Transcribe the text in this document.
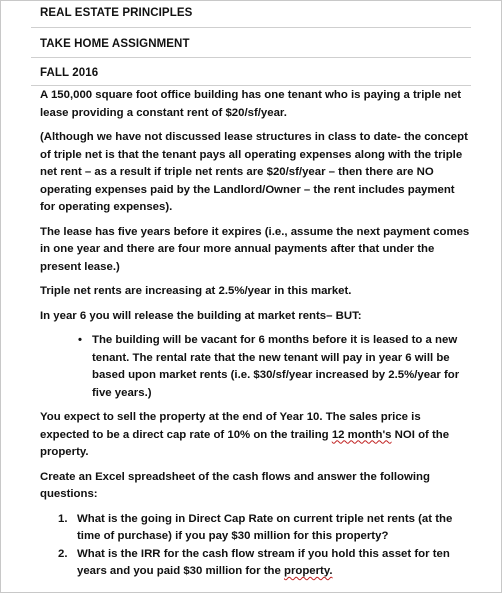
REAL ESTATE PRINCIPLES
TAKE HOME ASSIGNMENT
FALL 2016

A 150,000 square foot office building has one tenant who is paying a triple net lease providing a constant rent of $20/sf/year.

(Although we have not discussed lease structures in class to date- the concept of triple net is that the tenant pays all operating expenses along with the triple net rent – as a result if triple net rents are $20/sf/year – then there are NO operating expenses paid by the Landlord/Owner – the rent includes payment for operating expenses).

The lease has five years before it expires (i.e., assume the next payment comes in one year and there are four more annual payments after that under the present lease.)

Triple net rents are increasing at 2.5%/year in this market.

In year 6 you will release the building at market rents– BUT:

• The building will be vacant for 6 months before it is leased to a new tenant. The rental rate that the new tenant will pay in year 6 will be based upon market rents (i.e. $30/sf/year increased by 2.5%/year for five years.)

You expect to sell the property at the end of Year 10. The sales price is expected to be a direct cap rate of 10% on the trailing 12 month's NOI of the property.

Create an Excel spreadsheet of the cash flows and answer the following questions:

1. What is the going in Direct Cap Rate on current triple net rents (at the time of purchase) if you pay $30 million for this property?
2. What is the IRR for the cash flow stream if you hold this asset for ten years and you paid $30 million for the property.
